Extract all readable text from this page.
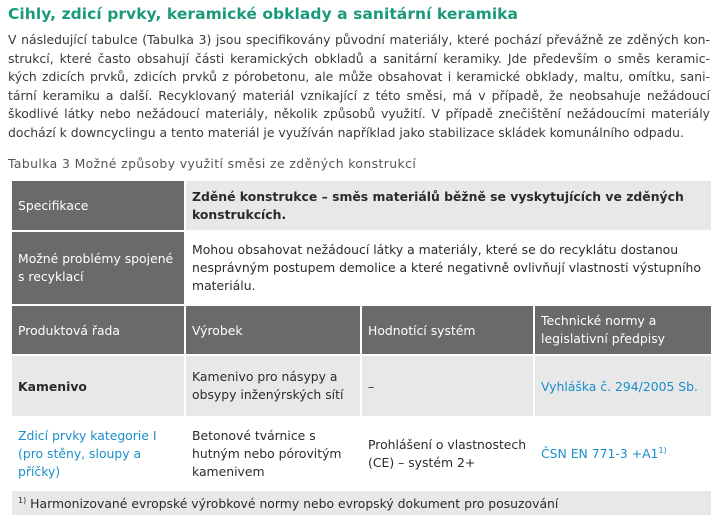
Cihly, zdicí prvky, keramické obklady a sanitární keramika
V následující tabulce (Tabulka 3) jsou specifikovány původní materiály, které pochází převážně ze zděných kon-
strukcí, které často obsahují části keramických obkladů a sanitární keramiky. Jde především o směs keramic-
kých zdicích prvků, zdicích prvků z pórobetonu, ale může obsahovat i keramické obklady, maltu, omítku, sani-
tární keramiku a další. Recyklovaný materiál vznikající z této směsi, má v případě, že neobsahuje nežádoucí
škodlivé látky nebo nežádoucí materiály, několik způsobů využití. V případě znečištění nežádoucími materiály
dochází k downcyclingu a tento materiál je využíván například jako stabilizace skládek komunálního odpadu.
Tabulka 3 Možné způsoby využití směsi ze zděných konstrukcí
Specifikace	Zděné konstrukce – směs materiálů běžně se vyskytujících ve zděných konstrukcích.		
Možné problémy spojené s recyklací	Mohou obsahovat nežádoucí látky a materiály, které se do recyklátu dostanou nesprávným postupem demolice a které negativně ovlivňují vlastnosti výstupního materiálu.		
Produktová řada	Výrobek	Hodnotící systém	Technické normy a legislativní předpisy
Kamenivo	Kamenivo pro násypy a obsypy inženýrských sítí	–	Vyhláška č. 294/2005 Sb.
Zdicí prvky kategorie I (pro stěny, sloupy a příčky)	Betonové tvárnice s hutným nebo pórovitým kamenivem	Prohlášení o vlastnostech (CE) – systém 2+	ČSN EN $771-3 +A1^{1)}$
$^{1)}$ Harmonizované evropské výrobkové normy nebo evropský dokument pro posuzování			
